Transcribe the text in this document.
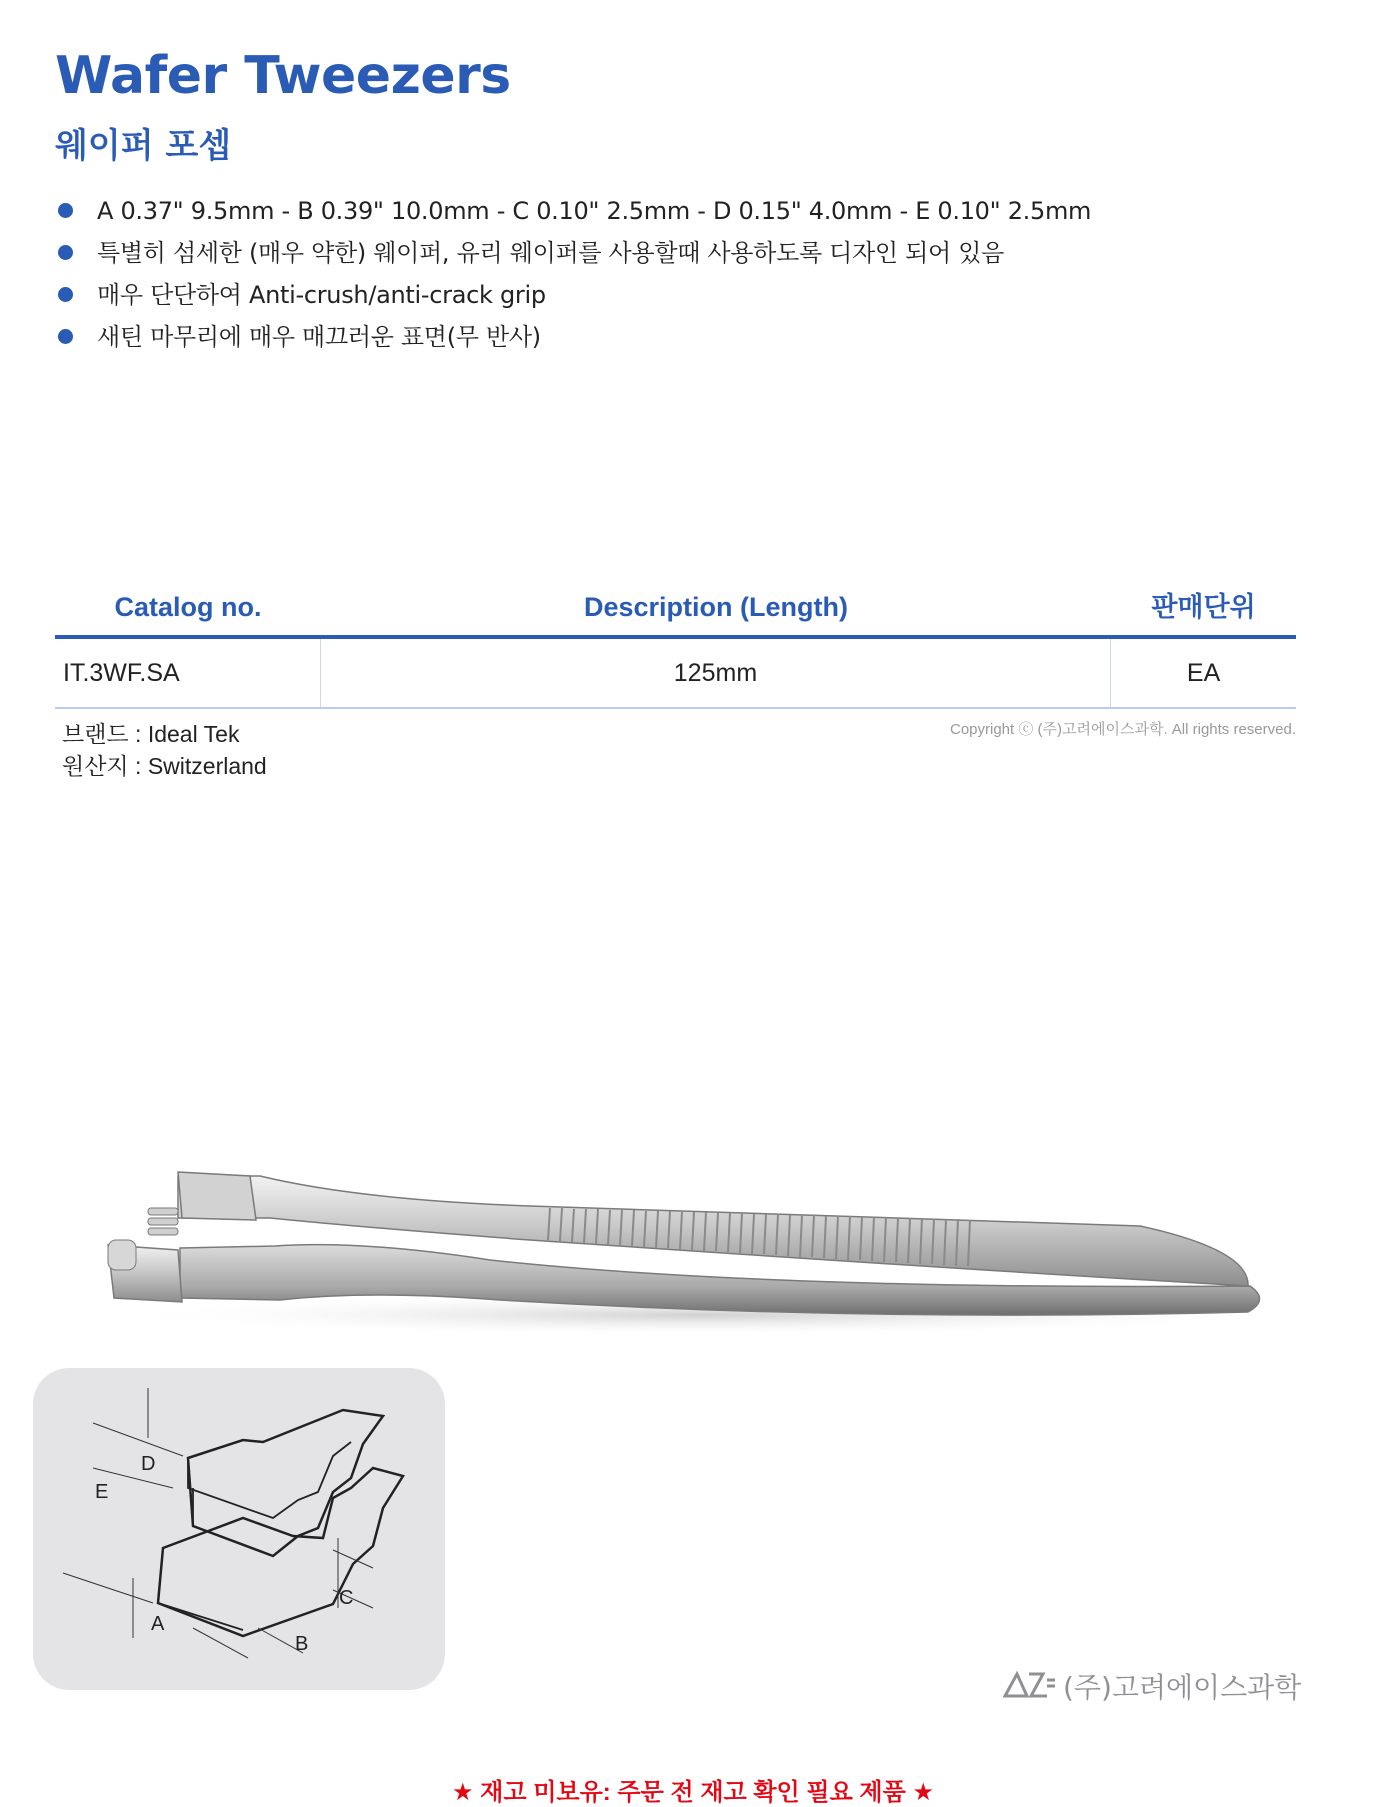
Wafer Tweezers
웨이퍼 포셉
A 0.37" 9.5mm - B 0.39" 10.0mm - C 0.10" 2.5mm - D 0.15" 4.0mm - E 0.10" 2.5mm
특별히 섬세한 (매우 약한) 웨이퍼, 유리 웨이퍼를 사용할때 사용하도록 디자인 되어 있음
매우 단단하여 Anti-crush/anti-crack grip
새틴 마무리에 매우 매끄러운 표면(무 반사)
Catalog no.	Description (Length)	판매단위
IT.3WF.SA	125mm	EA
브랜드 : Ideal Tek
원산지 : Switzerland
Copyright ⓒ (주)고려에이스과학. All rights reserved.
D
E
A
B
C
(주)고려에이스과학
★ 재고 미보유: 주문 전 재고 확인 필요 제품 ★
